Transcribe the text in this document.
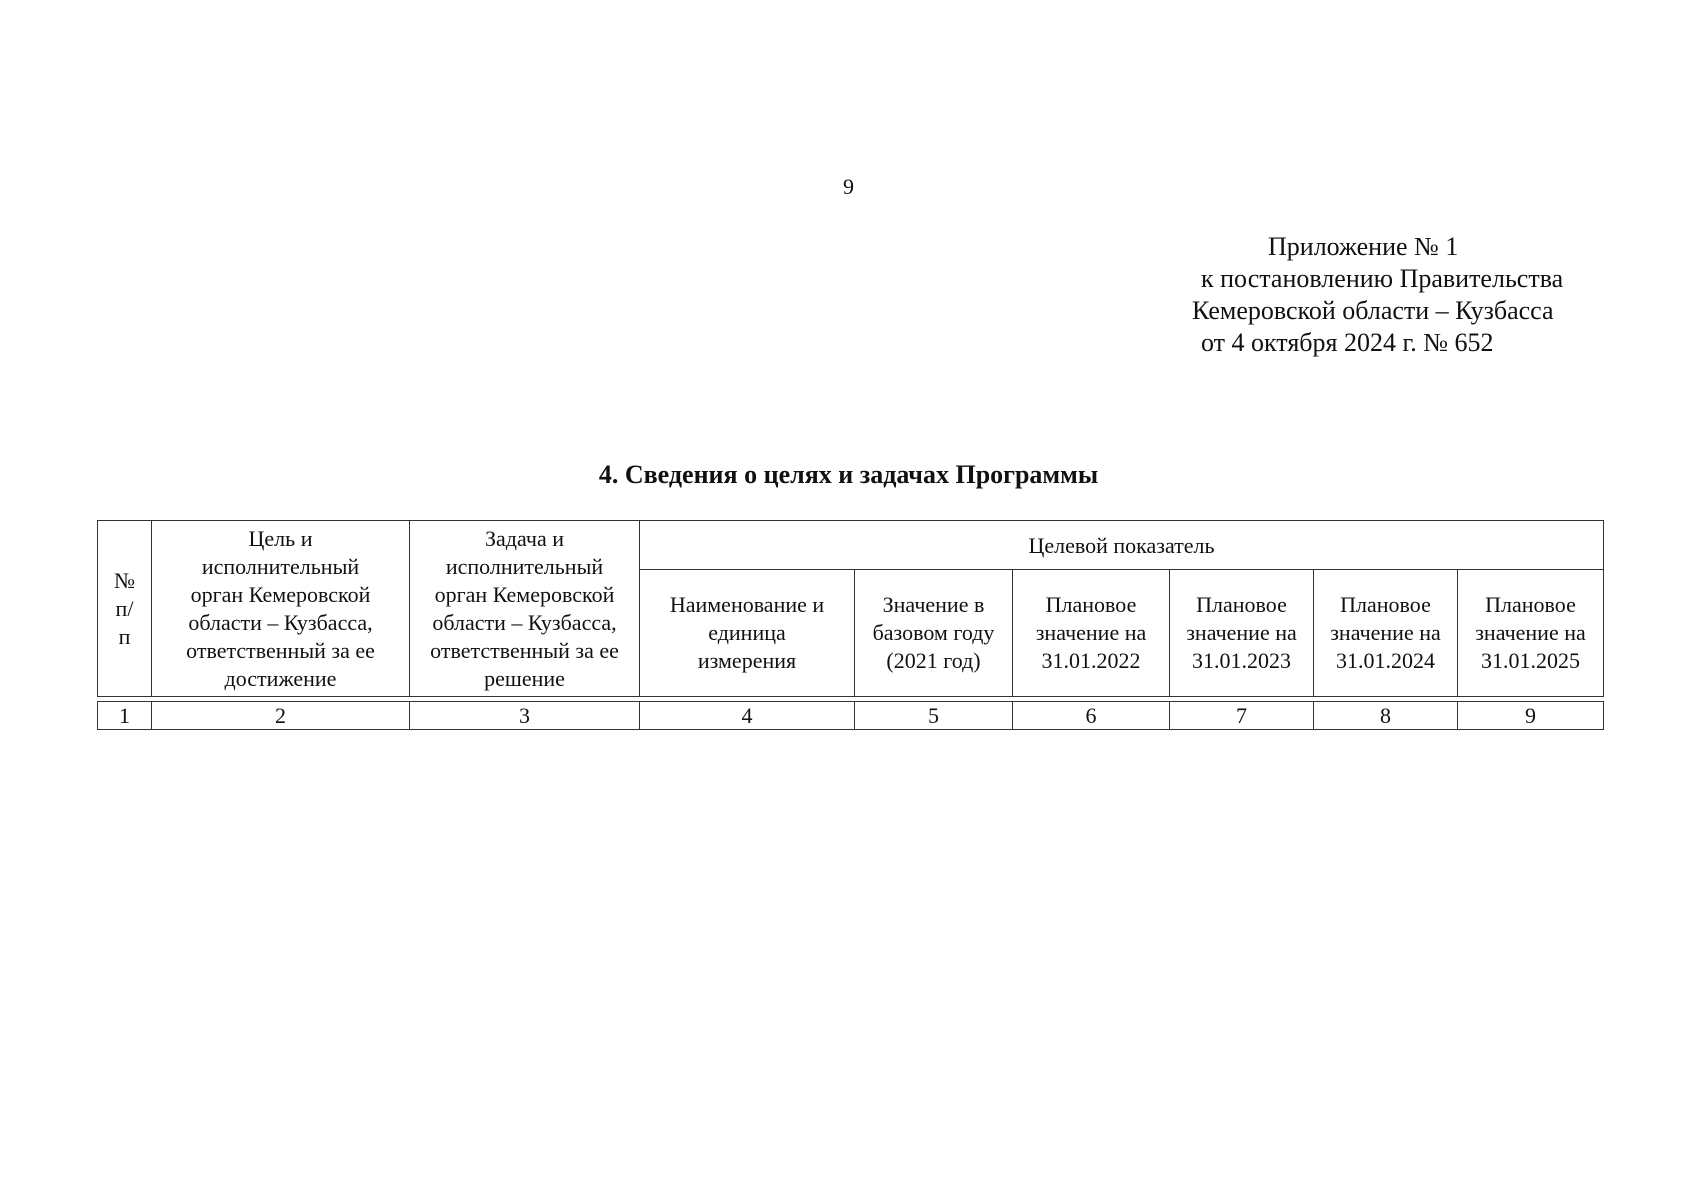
9
Приложение № 1
к постановлению Правительства
Кемеровской области – Кузбасса
от 4 октября 2024 г. № 652
4. Сведения о целях и задачах Программы
№ п/п	Цель и исполнительный орган Кемеровской области – Кузбасса, ответственный за ее достижение	Задача и исполнительный орган Кемеровской области – Кузбасса, ответственный за ее решение	Целевой показатель					
			Наименование и единица измерения	Значение в базовом году (2021 год)	Плановое значение на 31.01.2022	Плановое значение на 31.01.2023	Плановое значение на 31.01.2024	Плановое значение на 31.01.2025

1	2	3	4	5	6	7	8	9
